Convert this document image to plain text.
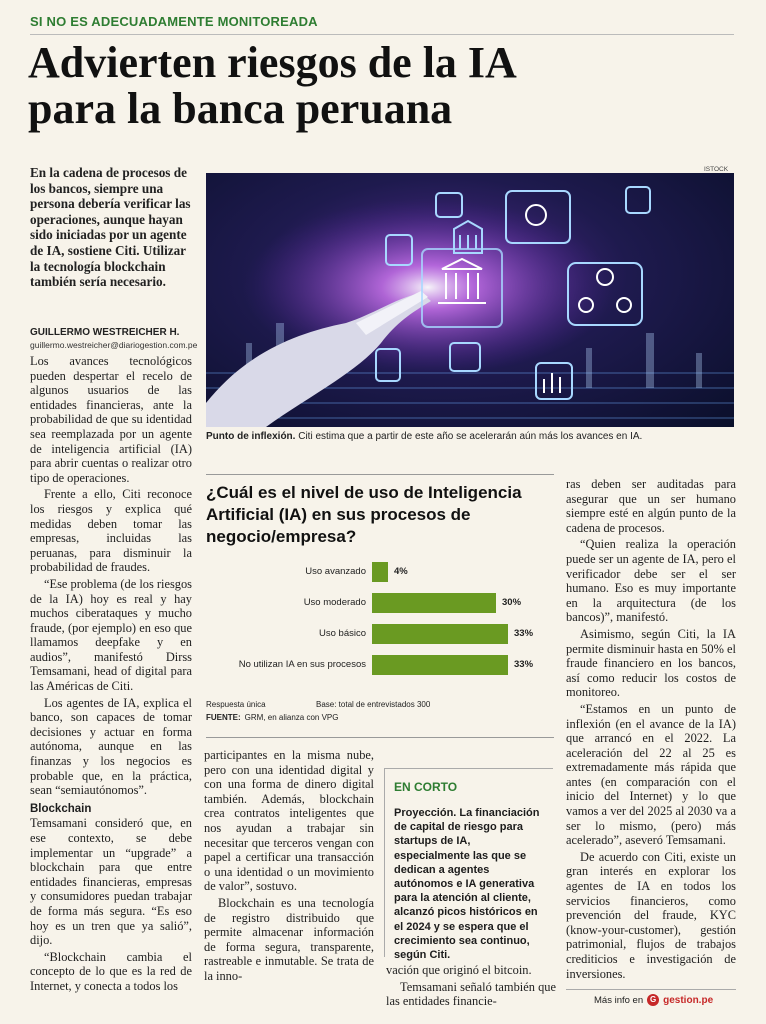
SI NO ES ADECUADAMENTE MONITOREADA
Advierten riesgos de la IA
para la banca peruana
En la cadena de procesos de los bancos, siempre una persona debería verificar las operaciones, aunque hayan sido iniciadas por un agente de IA, sostiene Citi. Utilizar la tecnología blockchain también sería necesario.
GUILLERMO WESTREICHER H.
guillermo.westreicher@diariogestion.com.pe

Los avances tecnológicos pueden despertar el recelo de algunos usuarios de las entidades financieras, ante la probabilidad de que su identidad sea reemplazada por un agente de inteligencia artificial (IA) para abrir cuentas o realizar otro tipo de operaciones.

Frente a ello, Citi reconoce los riesgos y explica qué medidas deben tomar las empresas, incluidas las peruanas, para disminuir la probabilidad de fraudes.

“Ese problema (de los riesgos de la IA) hoy es real y hay muchos ciberataques y mucho fraude, (por ejemplo) en eso que llamamos deepfake y en audios”, manifestó Dirss Temsamani, head of digital para las Américas de Citi.

Los agentes de IA, explica el banco, son capaces de tomar decisiones y actuar en forma autónoma, aunque en las finanzas y los negocios es probable que, en la práctica, sean “semiautónomos”.

Blockchain

Temsamani consideró que, en ese contexto, se debe implementar un “upgrade” a blockchain para que entre entidades financieras, empresas y consumidores puedan trabajar de forma más segura. “Es eso hoy es un tren que ya salió”, dijo.

“Blockchain cambia el concepto de lo que es la red de Internet, y conecta a todos los

ISTOCK
Punto de inflexión. Citi estima que a partir de este año se acelerarán aún más los avances en IA.
¿Cuál es el nivel de uso de Inteligencia Artificial (IA) en sus procesos de negocio/empresa?
Uso avanzado	4%
Uso moderado	30%
Uso básico	33%
No utilizan IA en sus procesos	33%
Respuesta única	Base: total de entrevistados 300
FUENTE: GRM, en alianza con VPG

participantes en la misma nube, pero con una identidad digital y con una forma de dinero digital también. Además, blockchain crea contratos inteligentes que nos ayudan a trabajar sin necesitar que terceros vengan con papel a certificar una transacción o una identidad o un movimiento de valor”, sostuvo.

Blockchain es una tecnología de registro distribuido que permite almacenar información de forma segura, transparente, rastreable e inmutable. Se trata de la inno-

EN CORTO
Proyección. La financiación de capital de riesgo para startups de IA, especialmente las que se dedican a agentes autónomos e IA generativa para la atención al cliente, alcanzó picos históricos en el 2024 y se espera que el crecimiento sea continuo, según Citi.

vación que originó el bitcoin.

Temsamani señaló también que las entidades financie-

ras deben ser auditadas para asegurar que un ser humano siempre esté en algún punto de la cadena de procesos.

“Quien realiza la operación puede ser un agente de IA, pero el verificador debe ser el ser humano. Eso es muy importante en la arquitectura (de los bancos)”, manifestó.

Asimismo, según Citi, la IA permite disminuir hasta en 50% el fraude financiero en los bancos, así como reducir los costos de monitoreo.

“Estamos en un punto de inflexión (en el avance de la IA) que arrancó en el 2022. La aceleración del 22 al 25 es extremadamente más rápida que antes (en comparación con el inicio del Internet) y lo que vamos a ver del 2025 al 2030 va a ser lo mismo, (pero) más acelerado”, aseveró Temsamani.

De acuerdo con Citi, existe un gran interés en explorar los agentes de IA en todos los servicios financieros, como prevención del fraude, KYC (know-your-customer), gestión patrimonial, flujos de trabajos crediticios e investigación de inversiones.

Más info en G gestion.pe
